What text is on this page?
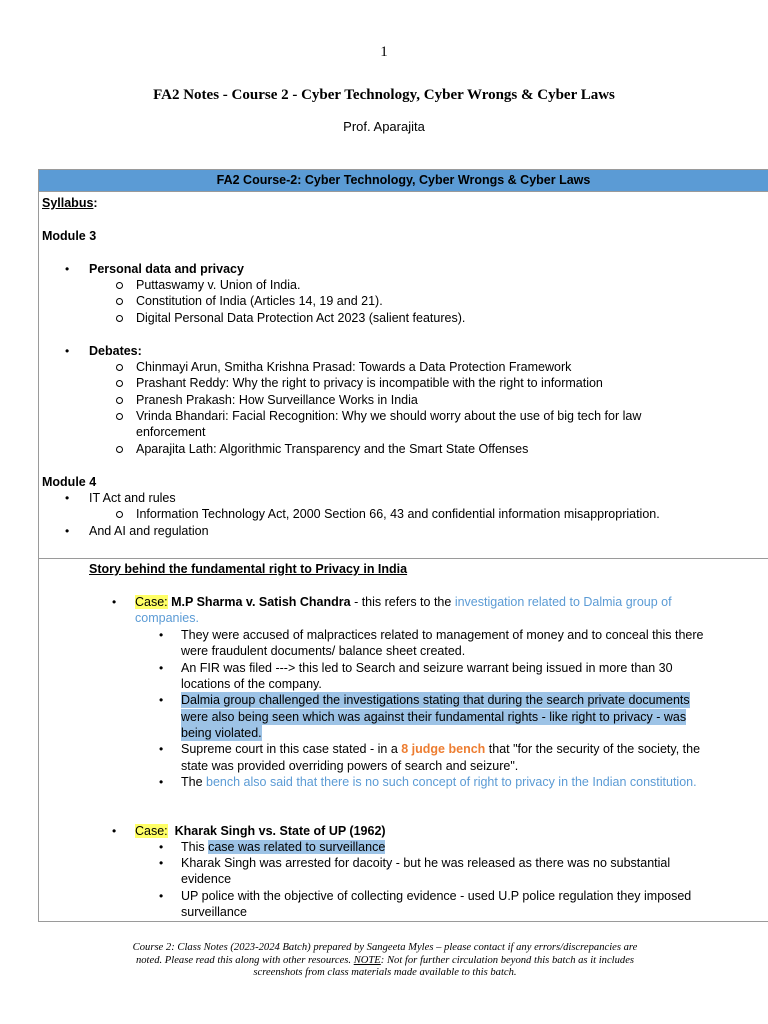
1
FA2 Notes - Course 2 - Cyber Technology, Cyber Wrongs & Cyber Laws
Prof. Aparajita
FA2 Course-2: Cyber Technology, Cyber Wrongs & Cyber Laws
Syllabus:
Module 3
• Personal data and privacy
Puttaswamy v. Union of India.
Constitution of India (Articles 14, 19 and 21).
Digital Personal Data Protection Act 2023 (salient features).
• Debates:
Chinmayi Arun, Smitha Krishna Prasad: Towards a Data Protection Framework
Prashant Reddy: Why the right to privacy is incompatible with the right to information
Pranesh Prakash: How Surveillance Works in India
Vrinda Bhandari: Facial Recognition: Why we should worry about the use of big tech for law
enforcement
Aparajita Lath: Algorithmic Transparency and the Smart State Offenses
Module 4
• IT Act and rules
Information Technology Act, 2000 Section 66, 43 and confidential information misappropriation.
• And AI and regulation
Story behind the fundamental right to Privacy in India
• Case: M.P Sharma v. Satish Chandra - this refers to the investigation related to Dalmia group of
companies.
• They were accused of malpractices related to management of money and to conceal this there
were fraudulent documents/ balance sheet created.
• An FIR was filed ---> this led to Search and seizure warrant being issued in more than 30
locations of the company.
• Dalmia group challenged the investigations stating that during the search private documents
were also being seen which was against their fundamental rights - like right to privacy - was
being violated.
• Supreme court in this case stated - in a 8 judge bench that "for the security of the society, the
state was provided overriding powers of search and seizure".
• The bench also said that there is no such concept of right to privacy in the Indian constitution.
• Case: Kharak Singh vs. State of UP (1962)
• This case was related to surveillance
• Kharak Singh was arrested for dacoity - but he was released as there was no substantial
evidence
• UP police with the objective of collecting evidence - used U.P police regulation they imposed
surveillance
Course 2: Class Notes (2023-2024 Batch) prepared by Sangeeta Myles – please contact if any errors/discrepancies are
noted. Please read this along with other resources. NOTE: Not for further circulation beyond this batch as it includes
screenshots from class materials made available to this batch.
